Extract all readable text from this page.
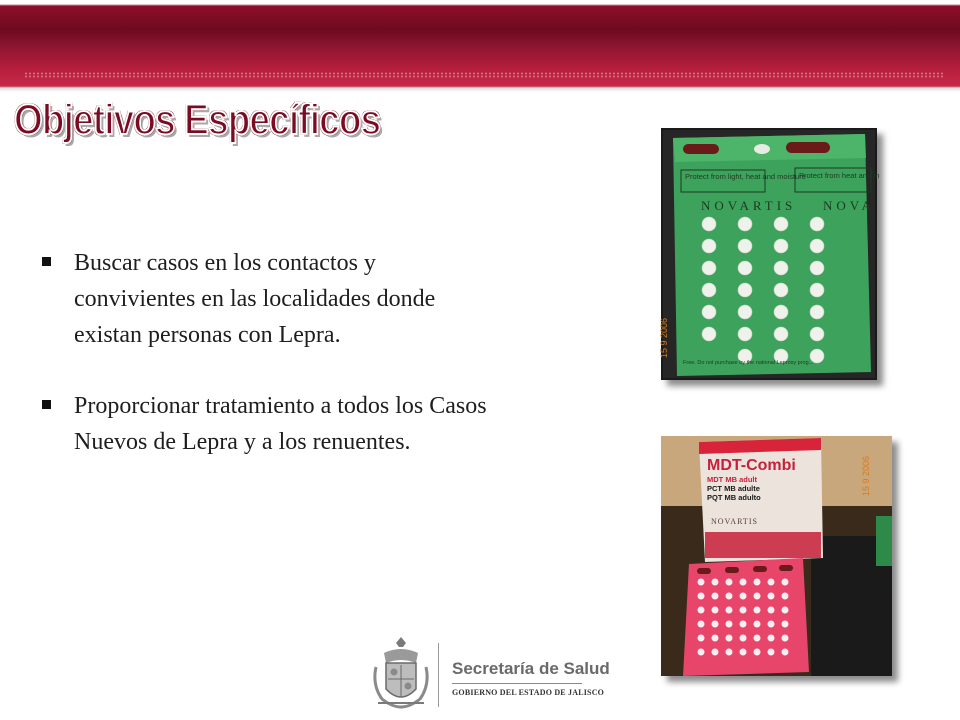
Objetivos Específicos
Buscar casos en los contactos y convivientes en las localidades donde existan personas con Lepra.
Proporcionar tratamiento a todos los Casos Nuevos de Lepra y a los renuentes.
Protect from light, heat and moisture
Protect from heat and m
NOVARTIS NOVA
Free. Do not purchase by the national Leprosy prog...
15 9 2006
MDT-Combi
MDT MB adult
PCT MB adulte
PQT MB adulto
NOVARTIS
15 9 2006
Secretaría de Salud
GOBIERNO DEL ESTADO DE JALISCO
